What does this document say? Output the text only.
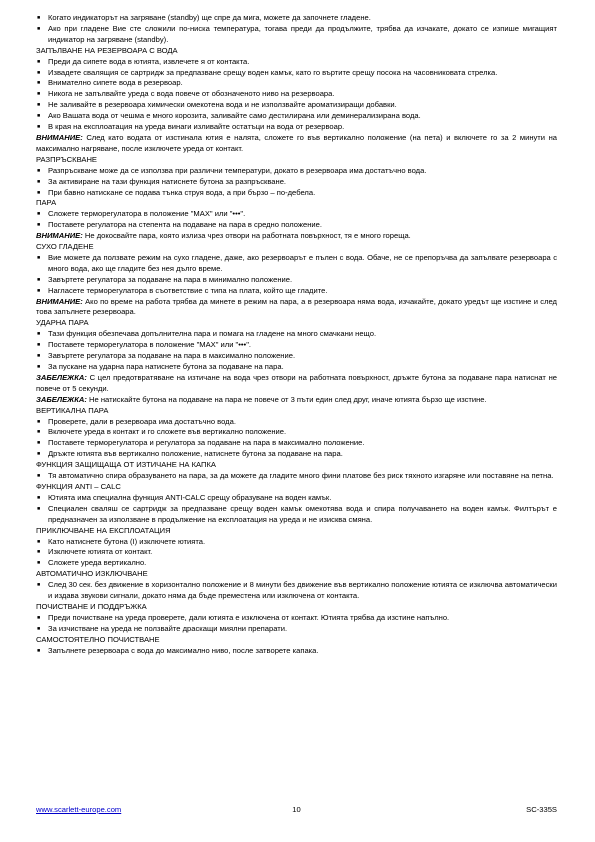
■ Когато индикаторът на загряване (standby) ще спре да мига, можете да започнете гладене.
■ Ако при гладене Вие сте сложили по-ниска температура, тогава преди да продължите, трябва да изчакате, докато се изпише мигащият индикатор на загряване (standby).
ЗАПЪЛВАНЕ НА РЕЗЕРВОАРА С ВОДА
■ Преди да сипете вода в ютията, извлечете я от контакта.
■ Извадете свалящия се сартридж за предпазване срещу воден камък, като го въртите срещу посока на часовниковата стрелка.
■ Внимателно сипете вода в резервоар.
■ Никога не запълвайте уреда с вода повече от обозначеното ниво на резервоара.
■ Не заливайте в резервоара химически омекотена вода и не използвайте ароматизиращи добавки.
■ Ако Вашата вода от чешма е много корозита, заливайте само дестилирана или деминерализирана вода.
■ В края на експлоатация на уреда винаги изливайте остатъци на вода от резервоар.
ВНИМАНИЕ: След като водата от изстинала ютия е налята, сложете го във вертикално положение (на пета) и включете го за 2 минути на максимално нагряване, после изключете уреда от контакт.
РАЗПРЪСКВАНЕ
■ Разпръскване може да се използва при различни температури, докато в резервоара има достатъчно вода.
■ За активиране на тази функция натиснете бутона за разпръскване.
■ При бавно натискане се подава тънка струя вода, а при бързо – по-дебела.
ПАРА
■ Сложете терморегулатора в положение "MAX" или "•••".
■ Поставете регулатора на степента на подаване на пара в средно положение.
ВНИМАНИЕ: Не докосвайте пара, която излиза чрез отвори на работната повърхност, тя е много гореща.
СУХО ГЛАДЕНЕ
■ Вие можете да ползвате режим на сухо гладене, даже, ако резервоарът е пълен с вода. Обаче, не се препоръчва да запълвате резервоара с много вода, ако ще гладите без нея дълго време.
■ Завъртете регулатора за подаване на пара в минимално положение.
■ Нагласете терморегулатора в съответствие с типа на плата, който ще гладите.
ВНИМАНИЕ: Ако по време на работа трябва да минете в режим на пара, а в резервоара няма вода, изчакайте, докато уредът ще изстине и след това запълнете резервоара.
УДАРНА ПАРА
■ Тази функция обезпечава допълнителна пара и помага на гладене на много смачкани нещо.
■ Поставете терморегулатора в положение "MAX" или "•••".
■ Завъртете регулатора за подаване на пара в максимално положение.
■ За пускане на ударна пара натиснете бутона за подаване на пара.
ЗАБЕЛЕЖКА: С цел предотвратяване на изтичане на вода чрез отвори на работната повърхност, дръжте бутона за подаване пара натиснат не повече от 5 секунди.
ЗАБЕЛЕЖКА: Не натискайте бутона на подаване на пара не повече от 3 пъти един след друг, иначе ютията бързо ще изстине.
ВЕРТИКАЛНА ПАРА
■ Проверете, дали в резервоара има достатъчно вода.
■ Включете уреда в контакт и го сложете във вертикално положение.
■ Поставете терморегулатора и регулатора за подаване на пара в максимално положение.
■ Дръжте ютията във вертикално положение, натиснете бутона за подаване на пара.
ФУНКЦИЯ ЗАЩИЩАЩА ОТ ИЗТИЧАНЕ НА КАПКА
■ Тя автоматично спира образуването на пара, за да можете да гладите много фини платове без риск тяхното изгаряне или поставяне на петна.
ФУНКЦИЯ ANTI – CALC
■ Ютията има специална функция ANTI-CALC срещу образуване на воден камък.
■ Специален сваляш се сартридж за предпазване срещу воден камък омекотява вода и спира получаването на воден камък. Филтърът е предназначен за използване в продължение на експлоатация на уреда и не изисква смяна.
ПРИКЛЮЧВАНЕ НА ЕКСПЛОАТАЦИЯ
■ Като натиснете бутона (I) изключете ютията.
■ Изключете ютията от контакт.
■ Сложете уреда вертикално.
АВТОМАТИЧНО ИЗКЛЮЧВАНЕ
■ След 30 сек. без движение в хоризонтално положение и 8 минути без движение във вертикално положение ютията се изключва автоматически и издава звукови сигнали, докато няма да бъде преместена или изключена от контакта.
ПОЧИСТВАНЕ И ПОДДРЪЖКА
■ Преди почистване на уреда проверете, дали ютията е изключена от контакт. Ютията трябва да изстине напълно.
■ За изчистване на уреда не ползвайте драскащи миялни препарати.
САМОСТОЯТЕЛНО ПОЧИСТВАНЕ
■ Запълнете резервоара с вода до максимално ниво, после затворете капака.
www.scarlett-europe.com	10	SC-335S
